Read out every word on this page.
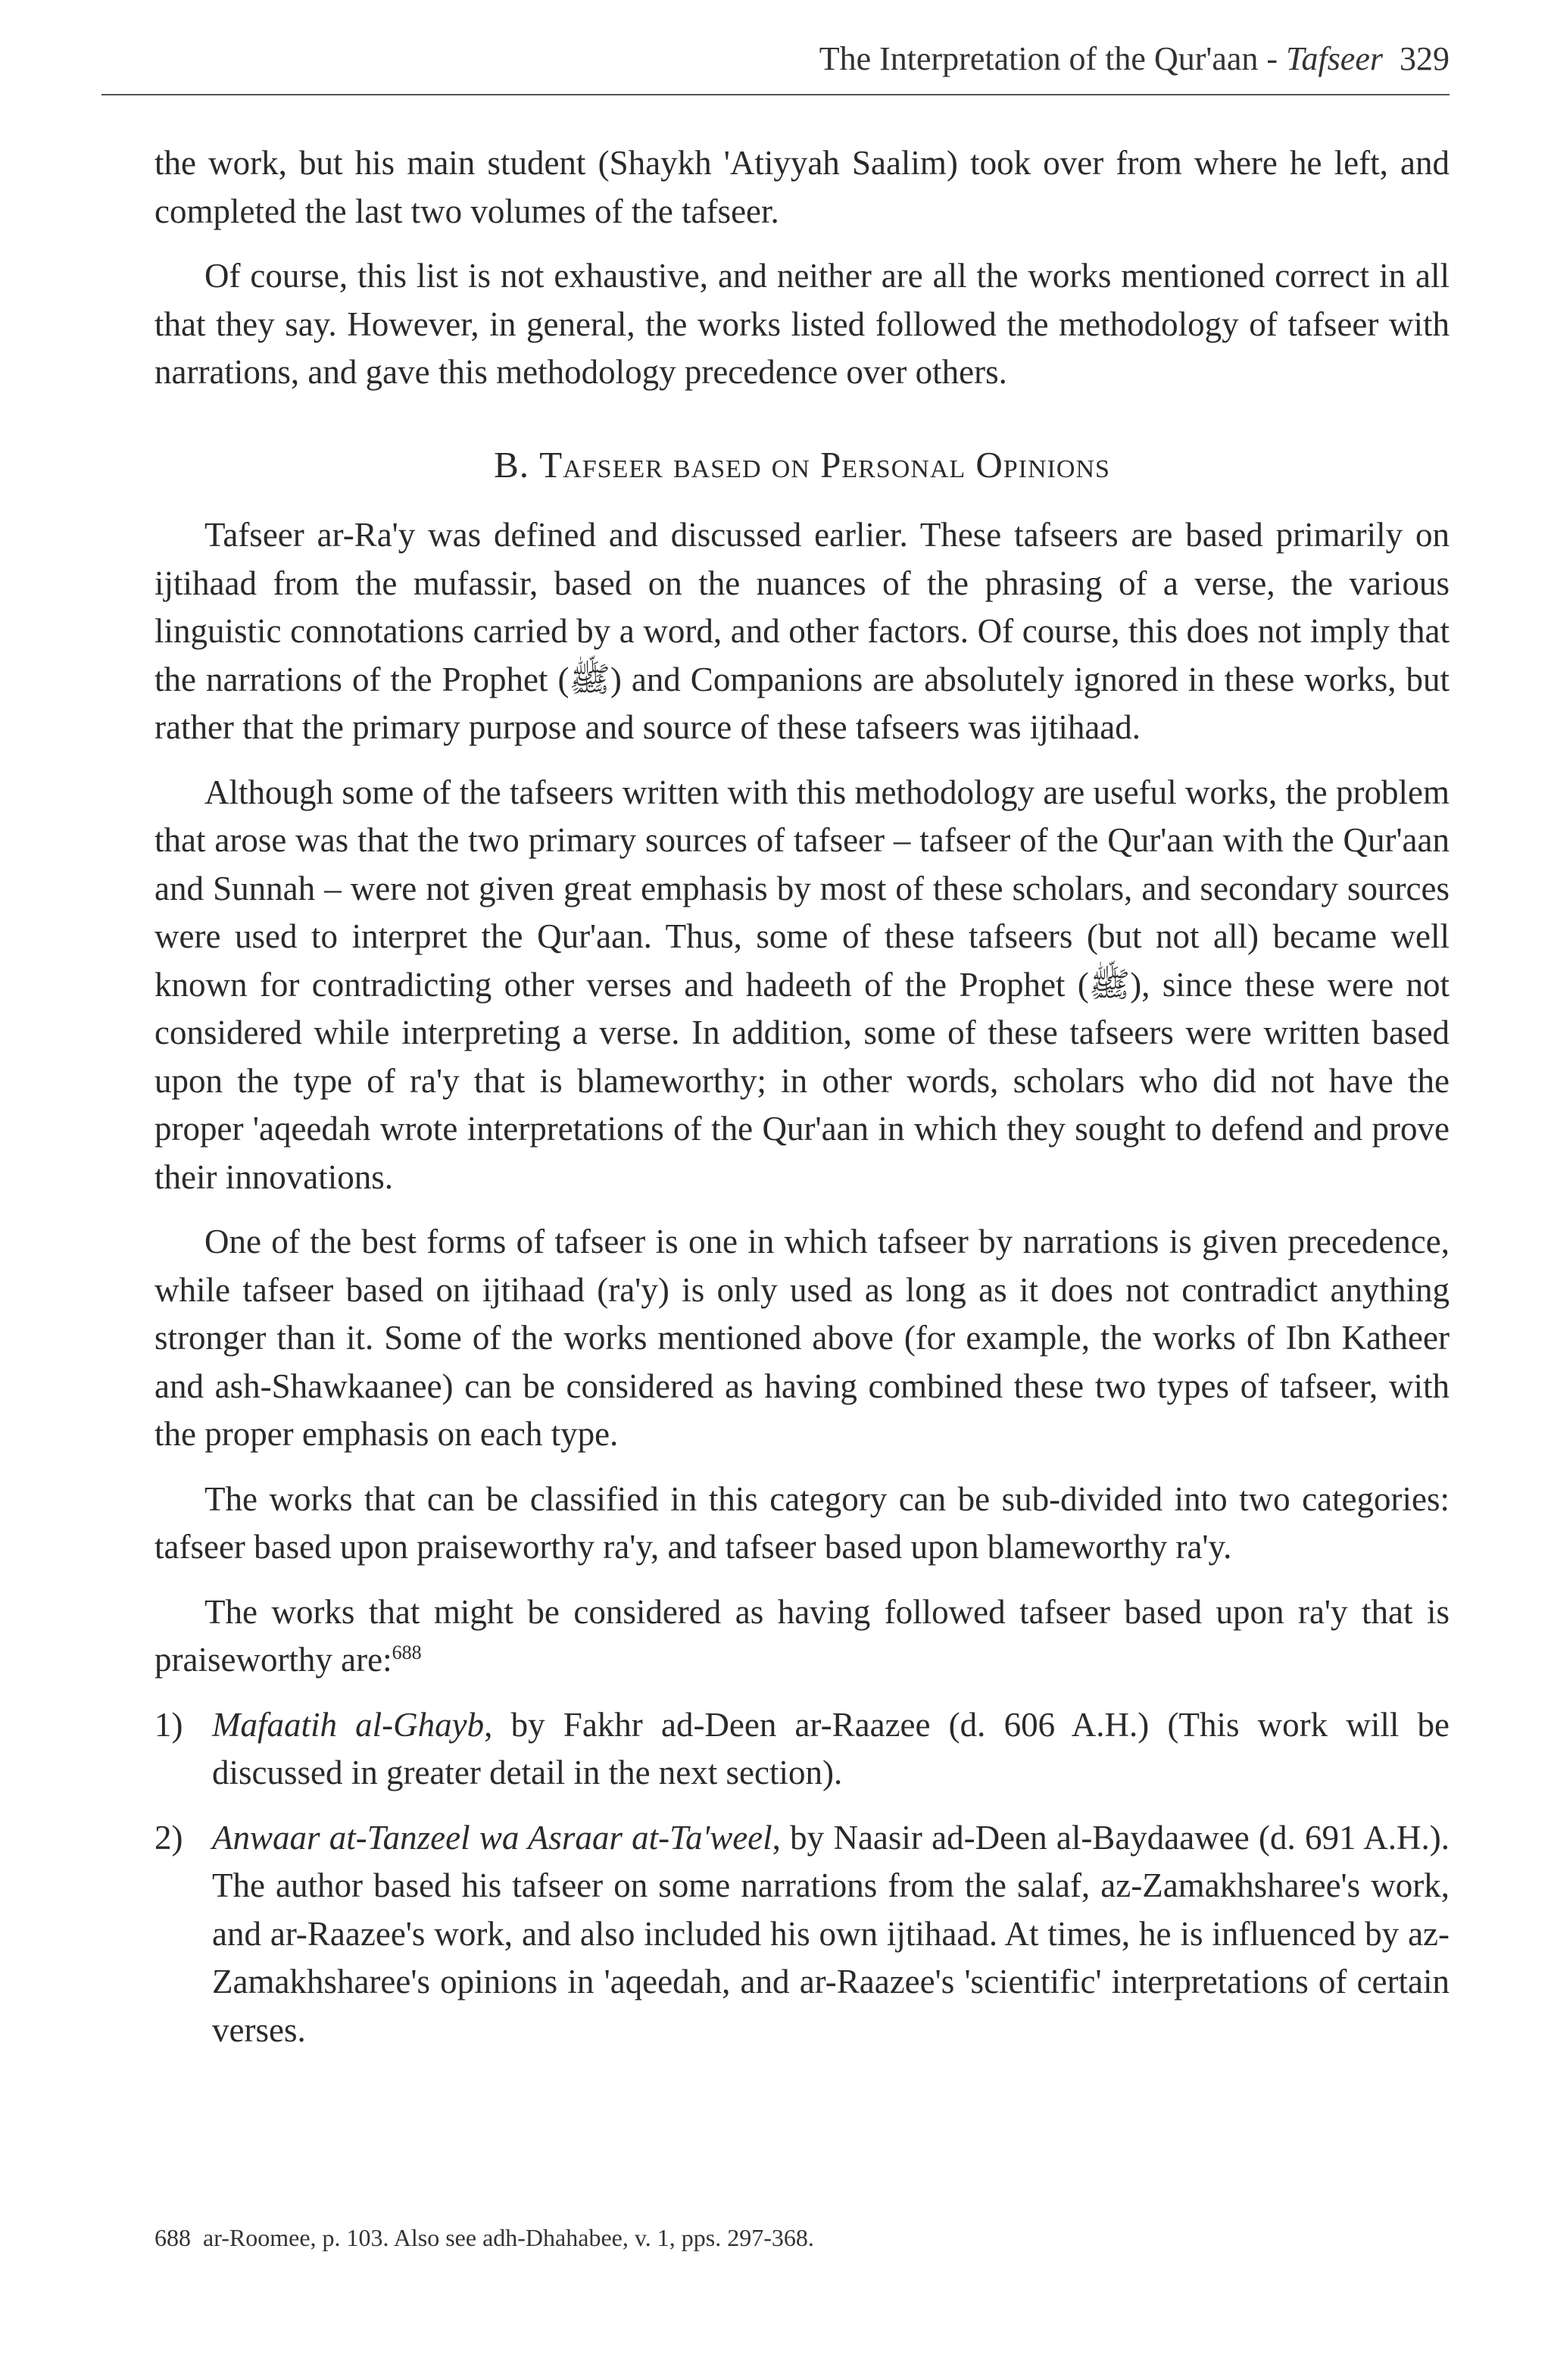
The Interpretation of the Qur'aan - Tafseer 329

the work, but his main student (Shaykh 'Atiyyah Saalim) took over from where he left, and completed the last two volumes of the tafseer.

Of course, this list is not exhaustive, and neither are all the works mentioned correct in all that they say. However, in general, the works listed followed the methodology of tafseer with narrations, and gave this methodology precedence over others.

B. Tafseer based on Personal Opinions

Tafseer ar-Ra'y was defined and discussed earlier. These tafseers are based primarily on ijtihaad from the mufassir, based on the nuances of the phrasing of a verse, the various linguistic connotations carried by a word, and other factors. Of course, this does not imply that the narrations of the Prophet (ﷺ) and Companions are absolutely ignored in these works, but rather that the primary purpose and source of these tafseers was ijtihaad.

Although some of the tafseers written with this methodology are useful works, the problem that arose was that the two primary sources of tafseer – tafseer of the Qur'aan with the Qur'aan and Sunnah – were not given great emphasis by most of these scholars, and secondary sources were used to interpret the Qur'aan. Thus, some of these tafseers (but not all) became well known for contradicting other verses and hadeeth of the Prophet (ﷺ), since these were not considered while interpreting a verse. In addition, some of these tafseers were written based upon the type of ra'y that is blameworthy; in other words, scholars who did not have the proper 'aqeedah wrote interpretations of the Qur'aan in which they sought to defend and prove their innovations.

One of the best forms of tafseer is one in which tafseer by narrations is given precedence, while tafseer based on ijtihaad (ra'y) is only used as long as it does not contradict anything stronger than it. Some of the works mentioned above (for example, the works of Ibn Katheer and ash-Shawkaanee) can be considered as having combined these two types of tafseer, with the proper emphasis on each type.

The works that can be classified in this category can be sub-divided into two categories: tafseer based upon praiseworthy ra'y, and tafseer based upon blameworthy ra'y.

The works that might be considered as having followed tafseer based upon ra'y that is praiseworthy are:$^{688}$

1) Mafaatih al-Ghayb, by Fakhr ad-Deen ar-Raazee (d. 606 A.H.) (This work will be discussed in greater detail in the next section).
2) Anwaar at-Tanzeel wa Asraar at-Ta'weel, by Naasir ad-Deen al-Baydaawee (d. 691 A.H.). The author based his tafseer on some narrations from the salaf, az-Zamakhsharee's work, and ar-Raazee's work, and also included his own ijtihaad. At times, he is influenced by az-Zamakhsharee's opinions in 'aqeedah, and ar-Raazee's 'scientific' interpretations of certain verses.
688 ar-Roomee, p. 103. Also see adh-Dhahabee, v. 1, pps. 297-368.
